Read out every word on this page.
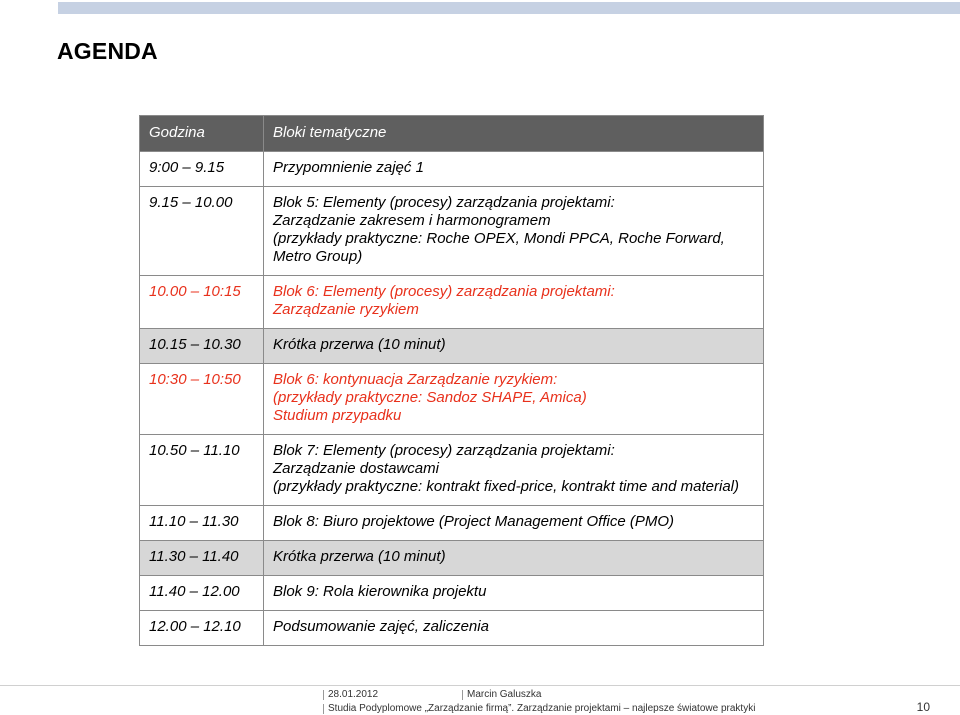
AGENDA
Godzina	Bloki tematyczne
9:00 – 9.15	Przypomnienie zajęć 1

9.15 – 10.00	Blok 5: Elementy (procesy) zarządzania projektami:
Zarządzanie zakresem i harmonogramem
(przykłady praktyczne: Roche OPEX, Mondi PPCA, Roche Forward,
Metro Group)

10.00 – 10:15	Blok 6: Elementy (procesy) zarządzania projektami:
Zarządzanie ryzykiem

10.15 – 10.30	Krótka przerwa (10 minut)

10:30 – 10:50	Blok 6: kontynuacja Zarządzanie ryzykiem:
(przykłady praktyczne: Sandoz SHAPE, Amica)
Studium przypadku

10.50 – 11.10	Blok 7: Elementy (procesy) zarządzania projektami:
Zarządzanie dostawcami
(przykłady praktyczne: kontrakt fixed-price, kontrakt time and material)

11.10 – 11.30	Blok 8: Biuro projektowe (Project Management Office (PMO)

11.30 – 11.40	Krótka przerwa (10 minut)

11.40 – 12.00	Blok 9: Rola kierownika projektu

12.00 – 12.10	Podsumowanie zajęć, zaliczenia
28.01.2012	Marcin Galuszka
Studia Podyplomowe „Zarządzanie firmą”. Zarządzanie projektami – najlepsze światowe praktyki	10
